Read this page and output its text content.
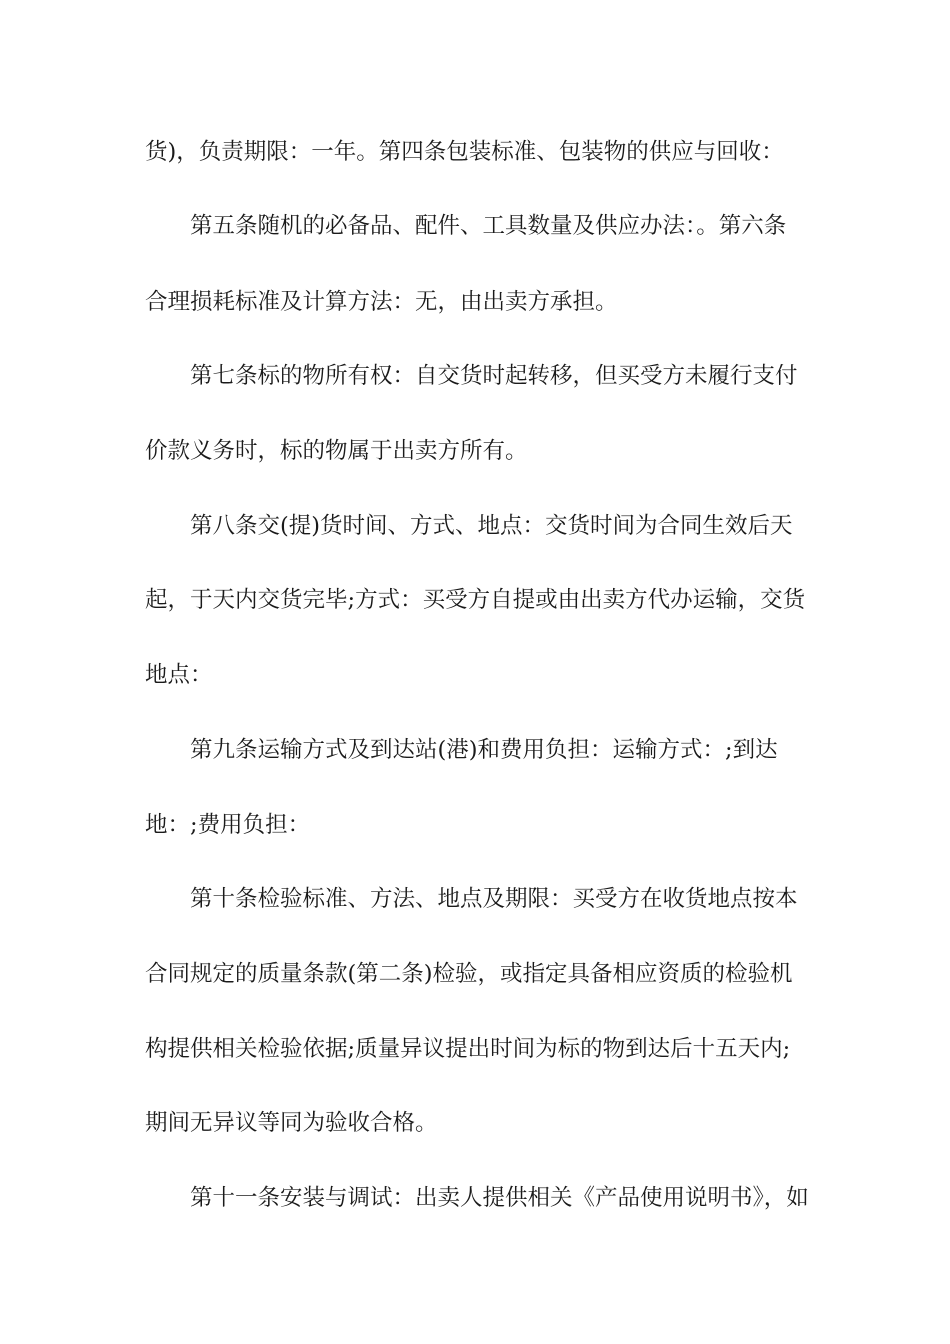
货)，负责期限：一年。第四条包装标准、包装物的供应与回收：
第五条随机的必备品、配件、工具数量及供应办法：。第六条
合理损耗标准及计算方法：无，由出卖方承担。
第七条标的物所有权：自交货时起转移，但买受方未履行支付
价款义务时，标的物属于出卖方所有。
第八条交(提)货时间、方式、地点：交货时间为合同生效后天
起，于天内交货完毕;方式：买受方自提或由出卖方代办运输，交货
地点：
第九条运输方式及到达站(港)和费用负担：运输方式：;到达
地：;费用负担：
第十条检验标准、方法、地点及期限：买受方在收货地点按本
合同规定的质量条款(第二条)检验，或指定具备相应资质的检验机
构提供相关检验依据;质量异议提出时间为标的物到达后十五天内;
期间无异议等同为验收合格。
第十一条安装与调试：出卖人提供相关《产品使用说明书》，如
